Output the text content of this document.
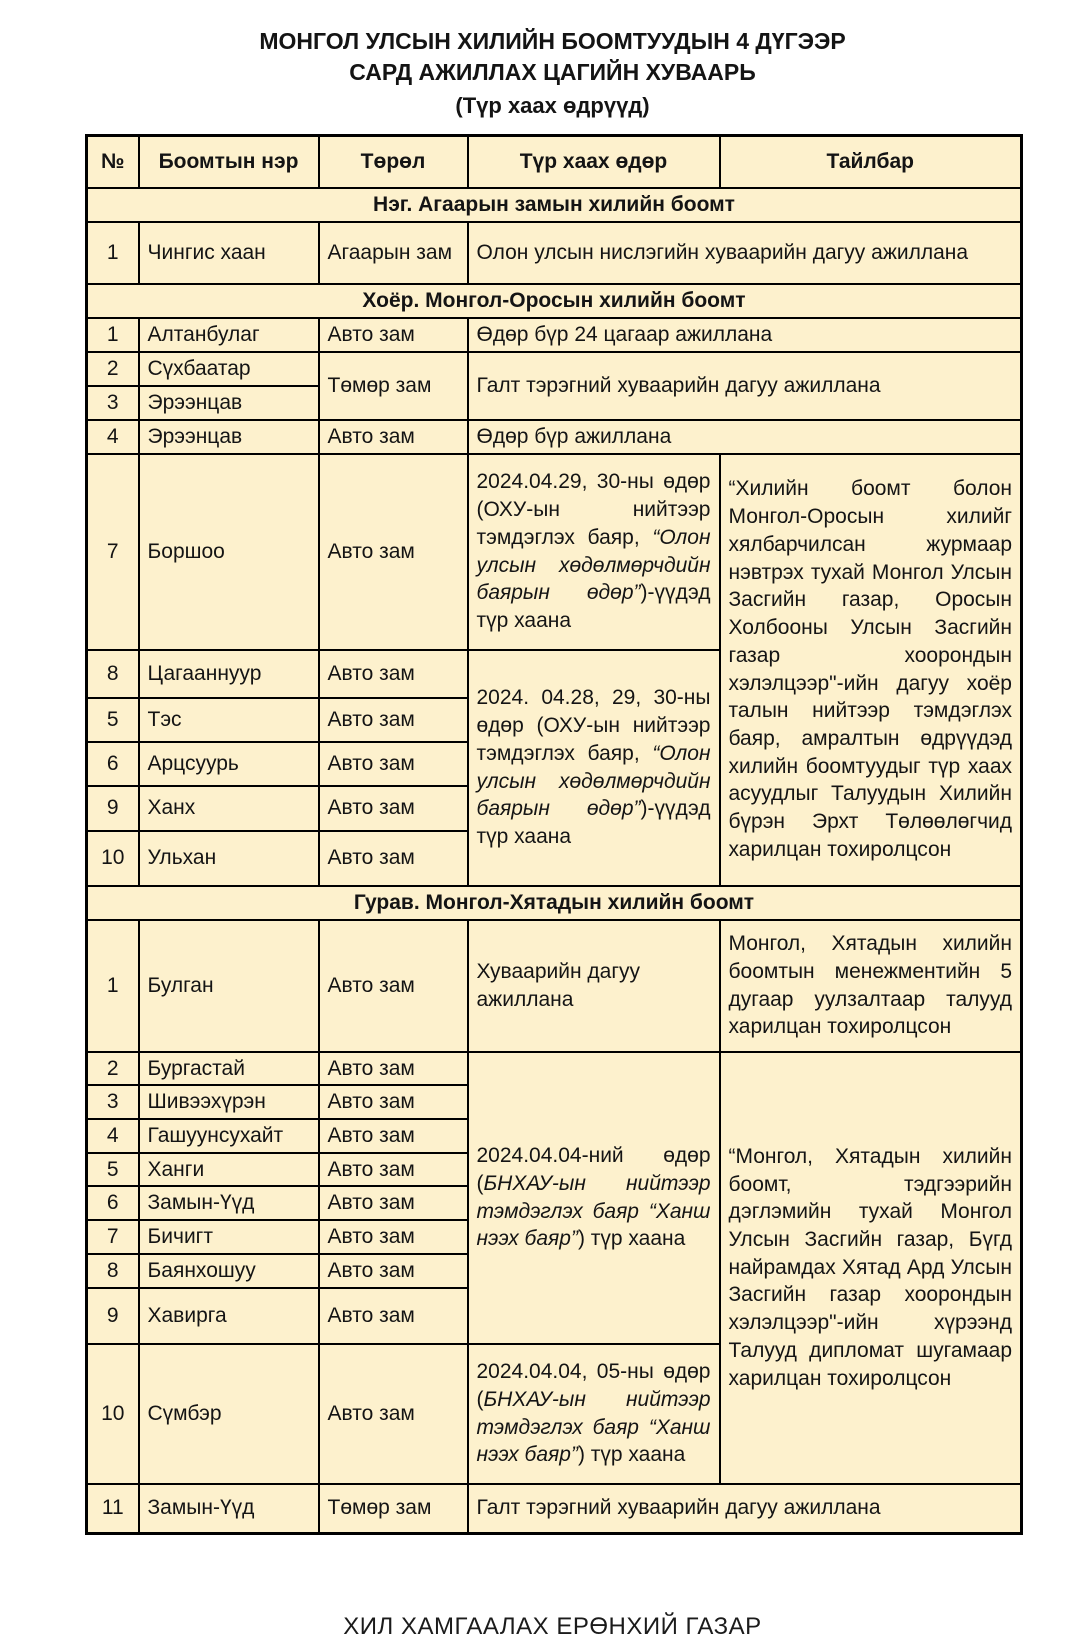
МОНГОЛ УЛСЫН ХИЛИЙН БООМТУУДЫН 4 ДҮГЭЭР
САРД АЖИЛЛАХ ЦАГИЙН ХУВААРЬ
(Түр хаах өдрүүд)
№	Боомтын нэр	Төрөл	Түр хаах өдөр	Тайлбар
Нэг. Агаарын замын хилийн боомт				
1	Чингис хаан	Агаарын зам	Олон улсын нислэгийн хуваарийн дагуу ажиллана	
Хоёр. Монгол-Оросын хилийн боомт				
1	Алтанбулаг	Авто зам	Өдөр бүр 24 цагаар ажиллана	
2	Сүхбаатар	Төмөр зам	Галт тэрэгний хуваарийн дагуу ажиллана	
3	Эрээнцав			
4	Эрээнцав	Авто зам	Өдөр бүр ажиллана	
7	Боршоо	Авто зам	2024.04.29, 30-ны өдөр (ОХУ-ын нийтээр тэмдэглэх баяр, “Олон улсын хөдөлмөрчдийн баярын өдөр”)-үүдэд түр хаана	“Хилийн боомт болон Монгол-Оросын хилийг хялбарчилсан журмаар нэвтрэх тухай Монгол Улсын Засгийн газар, Оросын Холбооны Улсын Засгийн газар хоорондын хэлэлцээр"-ийн дагуу хоёр талын нийтээр тэмдэглэх баяр, амралтын өдрүүдэд хилийн боомтуудыг түр хаах асуудлыг Талуудын Хилийн бүрэн Эрхт Төлөөлөгчид харилцан тохиролцсон
8	Цагааннуур	Авто зам	2024. 04.28, 29, 30-ны өдөр (ОХУ-ын нийтээр тэмдэглэх баяр, “Олон улсын хөдөлмөрчдийн баярын өдөр”)-үүдэд түр хаана	
5	Тэс	Авто зам		
6	Арцсуурь	Авто зам		
9	Ханх	Авто зам		
10	Ульхан	Авто зам		
Гурав. Монгол-Хятадын хилийн боомт				
1	Булган	Авто зам	Хуваарийн дагуу ажиллана	Монгол, Хятадын хилийн боомтын менежментийн 5 дугаар уулзалтаар талууд харилцан тохиролцсон
2	Бургастай	Авто зам	2024.04.04-ний өдөр (БНХАУ-ын нийтээр тэмдэглэх баяр “Ханш нээх баяр”) түр хаана	“Монгол, Хятадын хилийн боомт, тэдгээрийн дэглэмийн тухай Монгол Улсын Засгийн газар, Бүгд найрамдах Хятад Ард Улсын Засгийн газар хоорондын хэлэлцээр"-ийн хүрээнд Талууд дипломат шугамаар харилцан тохиролцсон
3	Шивээхүрэн	Авто зам		
4	Гашуунсухайт	Авто зам		
5	Ханги	Авто зам		
6	Замын-Үүд	Авто зам		
7	Бичигт	Авто зам		
8	Баянхошуу	Авто зам		
9	Хавирга	Авто зам		
10	Сүмбэр	Авто зам	2024.04.04, 05-ны өдөр (БНХАУ-ын нийтээр тэмдэглэх баяр “Ханш нээх баяр”) түр хаана	
11	Замын-Үүд	Төмөр зам	Галт тэрэгний хуваарийн дагуу ажиллана	
ХИЛ ХАМГААЛАХ ЕРӨНХИЙ ГАЗАР
